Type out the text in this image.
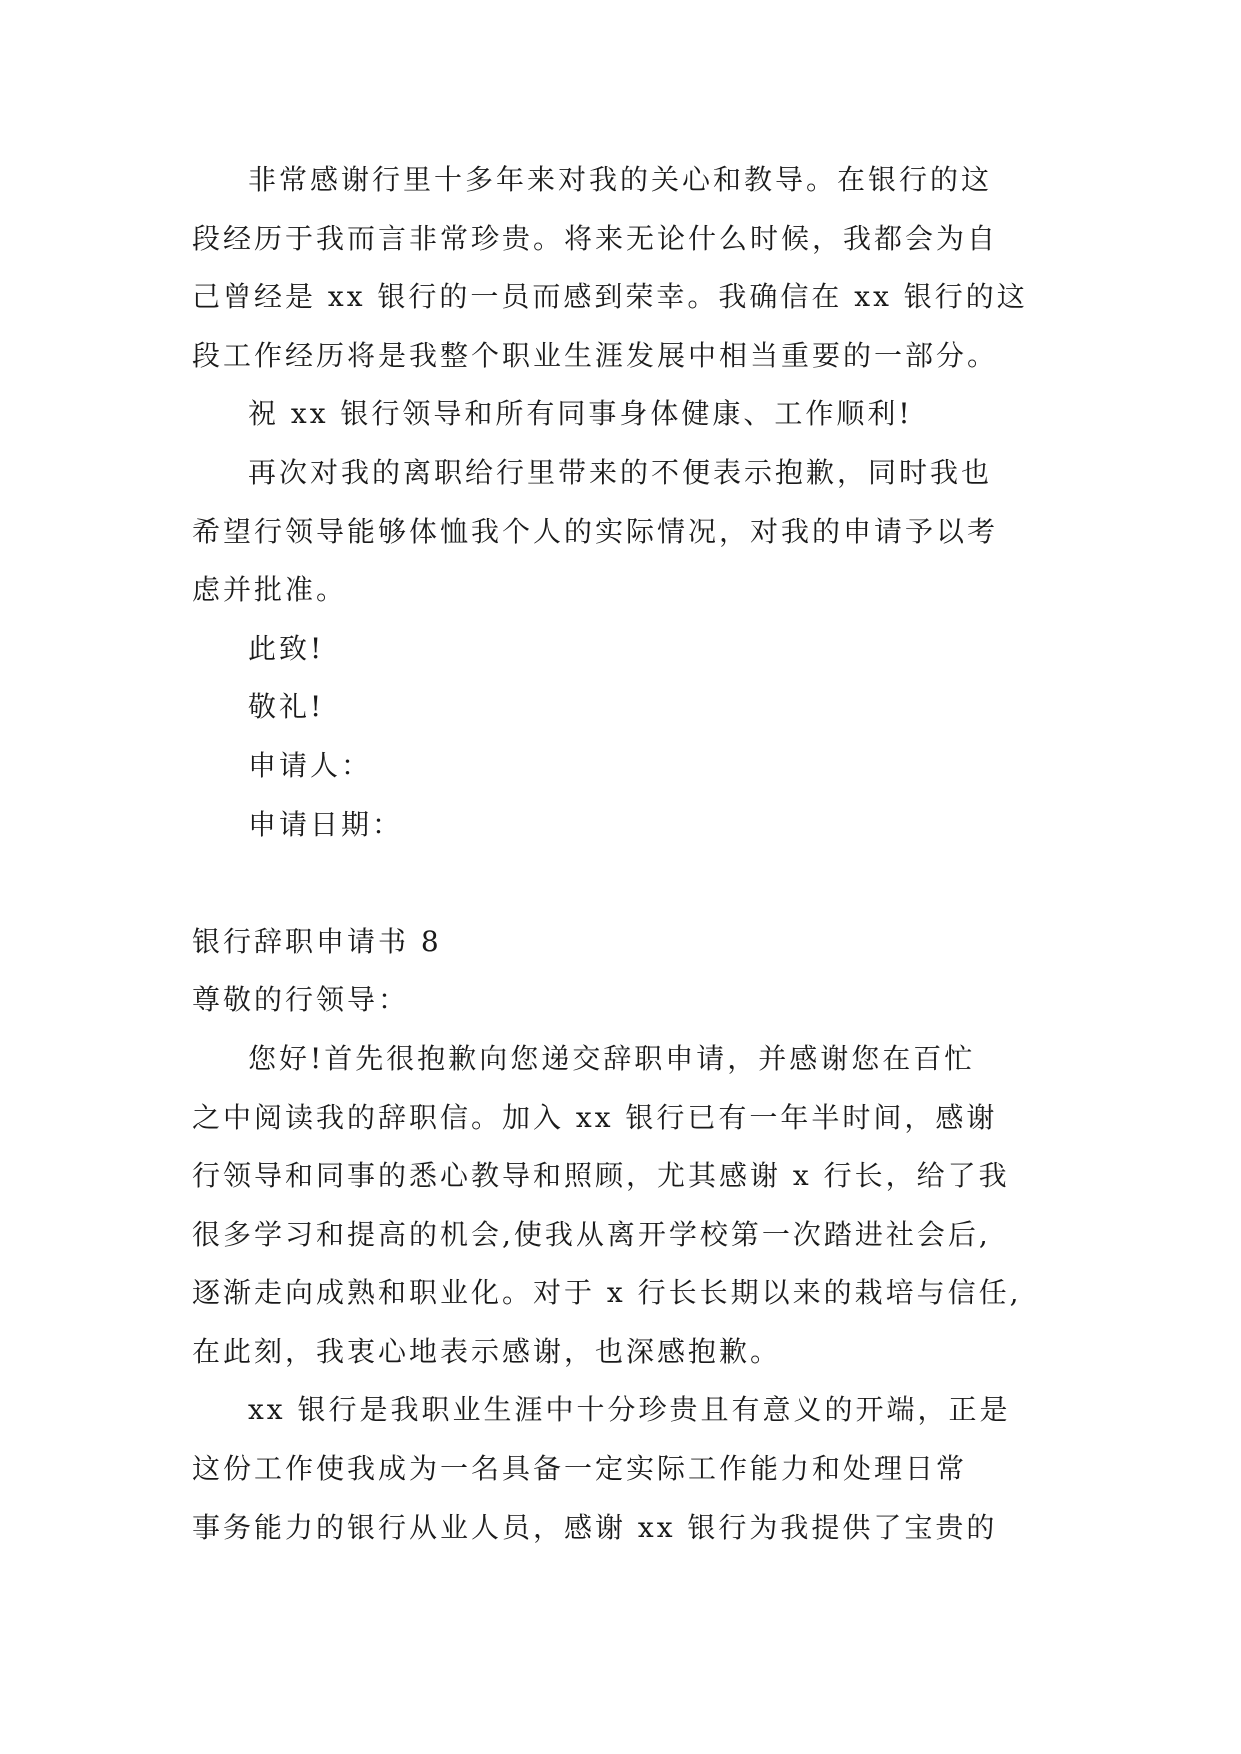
非常感谢行里十多年来对我的关心和教导。在银行的这
段经历于我而言非常珍贵。将来无论什么时候，我都会为自
己曾经是 xx 银行的一员而感到荣幸。我确信在 xx 银行的这
段工作经历将是我整个职业生涯发展中相当重要的一部分。

祝 xx 银行领导和所有同事身体健康、工作顺利!

再次对我的离职给行里带来的不便表示抱歉，同时我也
希望行领导能够体恤我个人的实际情况，对我的申请予以考
虑并批准。

此致!

敬礼!

申请人：

申请日期：

银行辞职申请书 8

尊敬的行领导：

您好!首先很抱歉向您递交辞职申请，并感谢您在百忙
之中阅读我的辞职信。加入 xx 银行已有一年半时间，感谢
行领导和同事的悉心教导和照顾，尤其感谢 x 行长，给了我
很多学习和提高的机会,使我从离开学校第一次踏进社会后,
逐渐走向成熟和职业化。对于 x 行长长期以来的栽培与信任,
在此刻，我衷心地表示感谢，也深感抱歉。

xx 银行是我职业生涯中十分珍贵且有意义的开端，正是
这份工作使我成为一名具备一定实际工作能力和处理日常
事务能力的银行从业人员，感谢 xx 银行为我提供了宝贵的
